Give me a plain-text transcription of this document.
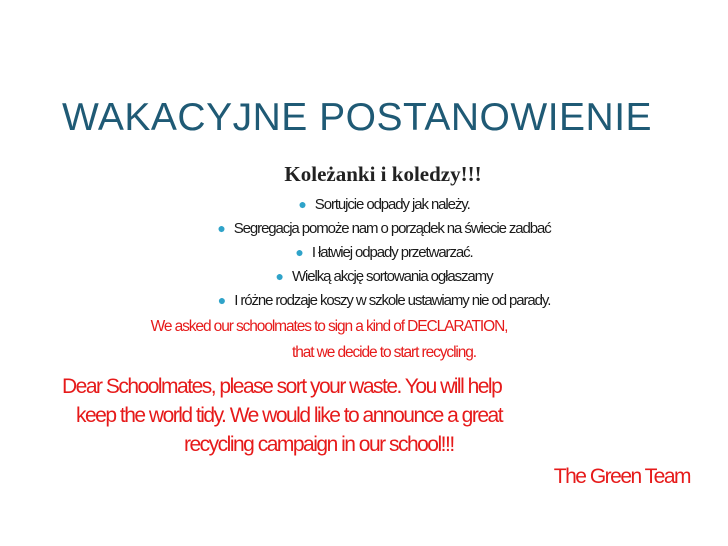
WAKACYJNE POSTANOWIENIE
Koleżanki i koledzy!!!
● Sortujcie odpady jak należy.
● Segregacja pomoże nam o porządek na świecie zadbać
● I łatwiej odpady przetwarzać.
● Wielką akcję sortowania ogłaszamy
● I różne rodzaje koszy w szkole ustawiamy nie od parady.
We asked our schoolmates to sign a kind of DECLARATION,
that we decide to start recycling.
Dear Schoolmates, please sort your waste. You will help
keep the world tidy. We would like to announce a great
recycling campaign in our school!!!
The Green Team
